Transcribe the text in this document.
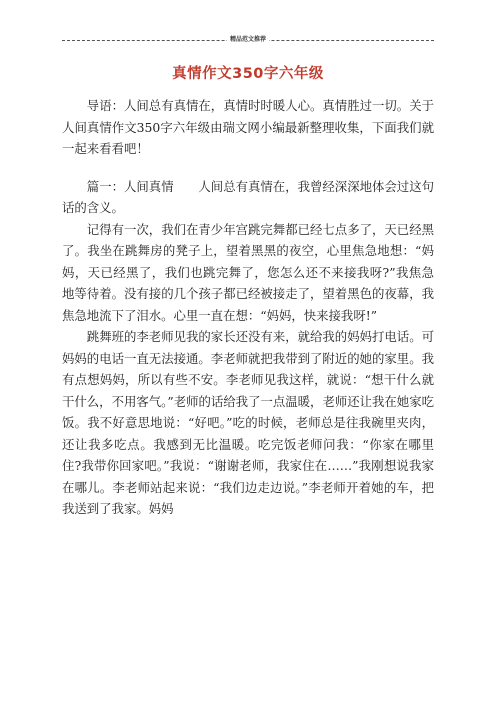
精品范文推荐
真情作文350字六年级

导语：人间总有真情在，真情时时暖人心。真情胜过一切。关于人间真情作文350字六年级由瑞文网小编最新整理收集，下面我们就一起来看看吧！

篇一：人间真情　　人间总有真情在，我曾经深深地体会过这句话的含义。

记得有一次，我们在青少年宫跳完舞都已经七点多了，天已经黑了。我坐在跳舞房的凳子上，望着黑黑的夜空，心里焦急地想：“妈妈，天已经黑了，我们也跳完舞了，您怎么还不来接我呀?”我焦急地等待着。没有接的几个孩子都已经被接走了，望着黑色的夜幕，我焦急地流下了泪水。心里一直在想：“妈妈，快来接我呀!”

跳舞班的李老师见我的家长还没有来，就给我的妈妈打电话。可妈妈的电话一直无法接通。李老师就把我带到了附近的她的家里。我有点想妈妈，所以有些不安。李老师见我这样，就说：“想干什么就干什么，不用客气。”老师的话给我了一点温暖，老师还让我在她家吃饭。我不好意思地说：“好吧。”吃的时候，老师总是往我碗里夹肉，还让我多吃点。我感到无比温暖。吃完饭老师问我：“你家在哪里住?我带你回家吧。”我说：“谢谢老师，我家住在……”我刚想说我家在哪儿。李老师站起来说：“我们边走边说。”李老师开着她的车，把我送到了我家。妈妈
